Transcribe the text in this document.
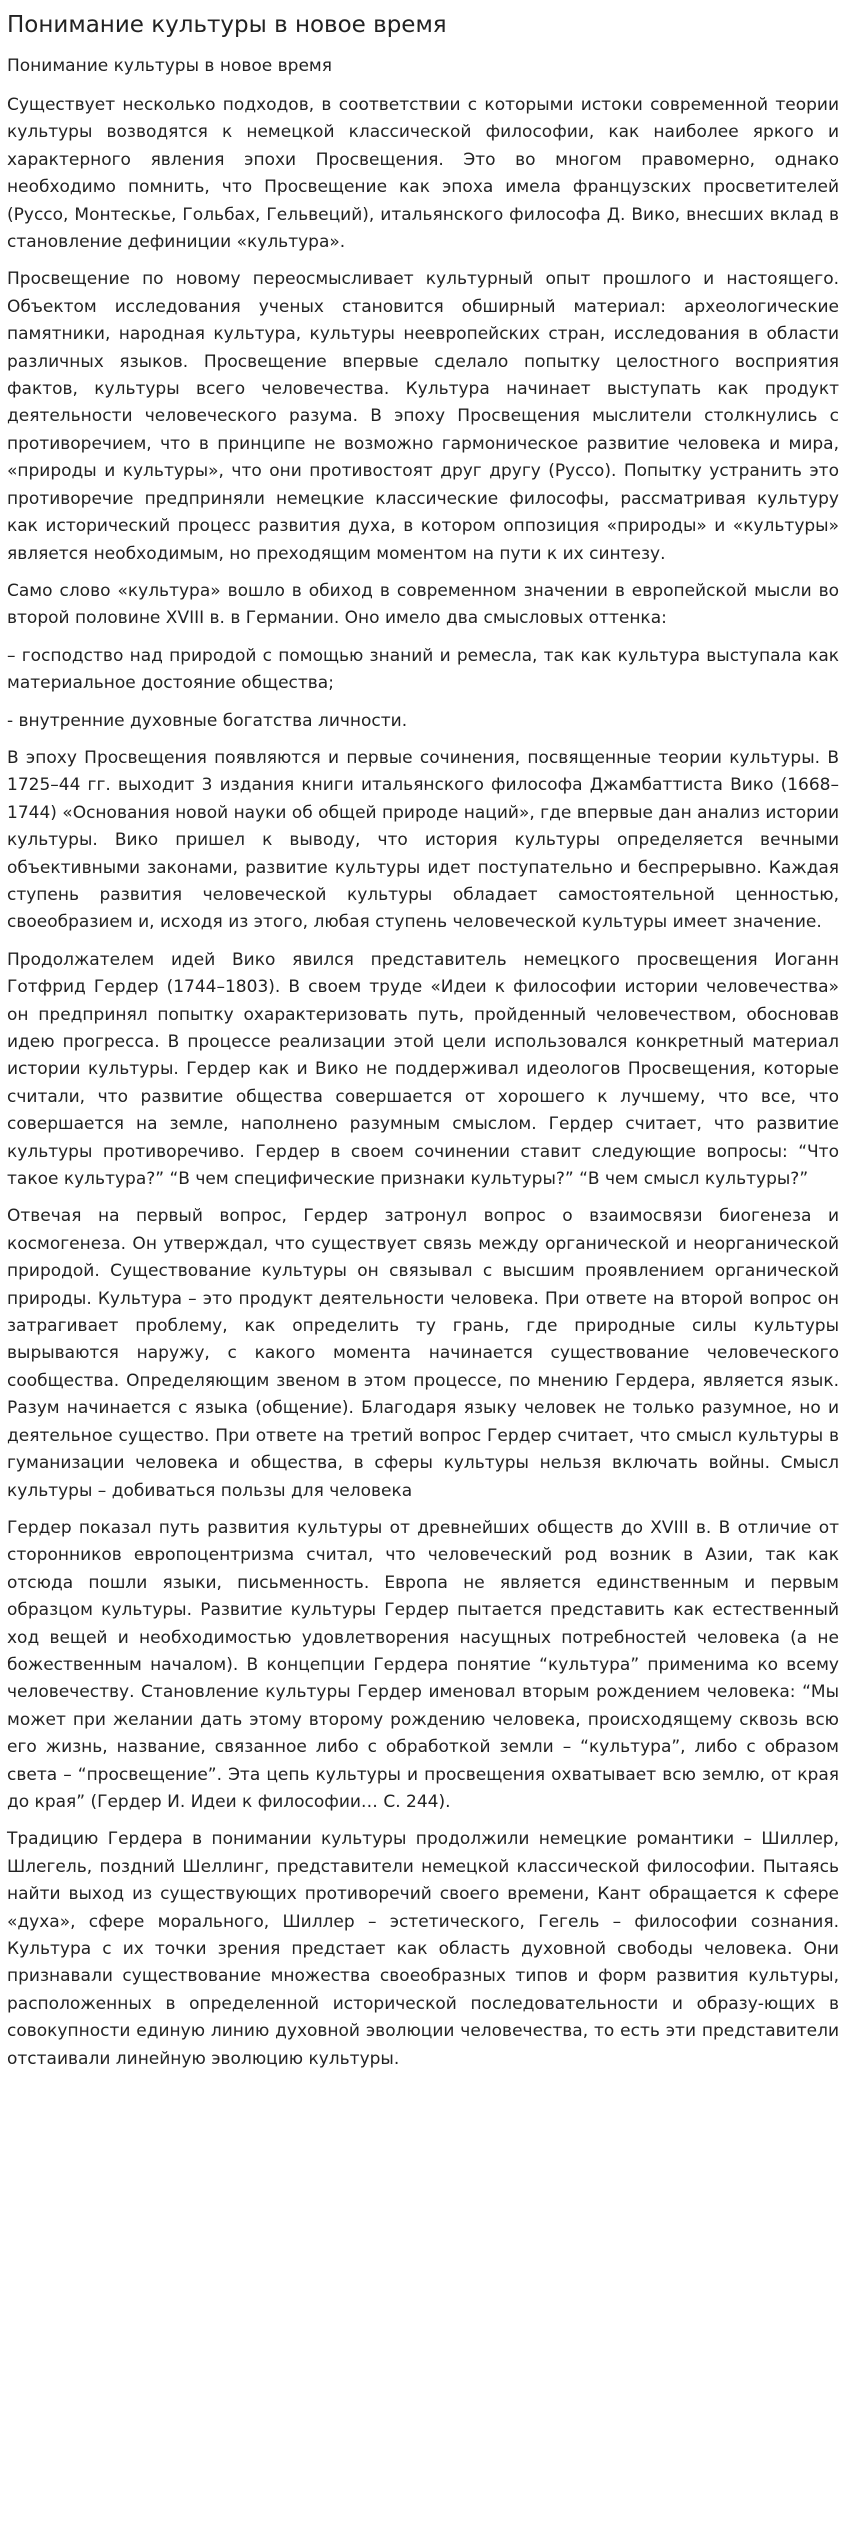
Понимание культуры в новое время
Понимание культуры в новое время

Существует несколько подходов, в соответствии с которыми истоки современной теории культуры возводятся к немецкой классической философии, как наиболее яркого и характерного явления эпохи Просвещения. Это во многом правомерно, однако необходимо помнить, что Просвещение как эпоха имела французских просветителей (Руссо, Монтескье, Гольбах, Гельвеций), итальянского философа Д. Вико, внесших вклад в становление дефиниции «культура».

Просвещение по новому переосмысливает культурный опыт прошлого и настоящего. Объектом исследования ученых становится обширный материал: археологические памятники, народная культура, культуры неевропейских стран, исследования в области различных языков. Просвещение впервые сделало попытку целостного восприятия фактов, культуры всего человечества. Культура начинает выступать как продукт деятельности человеческого разума. В эпоху Просвещения мыслители столкнулись с противоречием, что в принципе не возможно гармоническое развитие человека и мира, «природы и культуры», что они противостоят друг другу (Руссо). Попытку устранить это противоречие предприняли немецкие классические философы, рассматривая культуру как исторический процесс развития духа, в котором оппозиция «природы» и «культуры» является необходимым, но преходящим моментом на пути к их синтезу.

Само слово «культура» вошло в обиход в современном значении в европейской мысли во второй половине XVIII в. в Германии. Оно имело два смысловых оттенка:

– господство над природой с помощью знаний и ремесла, так как культура выступала как материальное достояние общества;

- внутренние духовные богатства личности.

В эпоху Просвещения появляются и первые сочинения, посвященные теории культуры. В 1725–44 гг. выходит 3 издания книги итальянского философа Джамбаттиста Вико (1668–1744) «Основания новой науки об общей природе наций», где впервые дан анализ истории культуры. Вико пришел к выводу, что история культуры определяется вечными объективными законами, развитие культуры идет поступательно и беспрерывно. Каждая ступень развития человеческой культуры обладает самостоятельной ценностью, своеобразием и, исходя из этого, любая ступень человеческой культуры имеет значение.

Продолжателем идей Вико явился представитель немецкого просвещения Иоганн Готфрид Гердер (1744–1803). В своем труде «Идеи к философии истории человечества» он предпринял попытку охарактеризовать путь, пройденный человечеством, обосновав идею прогресса. В процессе реализации этой цели использовался конкретный материал истории культуры. Гердер как и Вико не поддерживал идеологов Просвещения, которые считали, что развитие общества совершается от хорошего к лучшему, что все, что совершается на земле, наполнено разумным смыслом. Гердер считает, что развитие культуры противоречиво. Гердер в своем сочинении ставит следующие вопросы: “Что такое культура?” “В чем специфические признаки культуры?” “В чем смысл культуры?”

Отвечая на первый вопрос, Гердер затронул вопрос о взаимосвязи биогенеза и космогенеза. Он утверждал, что существует связь между органической и неорганической природой. Существование культуры он связывал с высшим проявлением органической природы. Культура – это продукт деятельности человека. При ответе на второй вопрос он затрагивает проблему, как определить ту грань, где природные силы культуры вырываются наружу, с какого момента начинается существование человеческого сообщества. Определяющим звеном в этом процессе, по мнению Гердера, является язык. Разум начинается с языка (общение). Благодаря языку человек не только разумное, но и деятельное существо. При ответе на третий вопрос Гердер считает, что смысл культуры в гуманизации человека и общества, в сферы культуры нельзя включать войны. Смысл культуры – добиваться пользы для человека

Гердер показал путь развития культуры от древнейших обществ до XVIII в. В отличие от сторонников европоцентризма считал, что человеческий род возник в Азии, так как отсюда пошли языки, письменность. Европа не является единственным и первым образцом культуры. Развитие культуры Гердер пытается представить как естественный ход вещей и необходимостью удовлетворения насущных потребностей человека (а не божественным началом). В концепции Гердера понятие “культура” применима ко всему человечеству. Становление культуры Гердер именовал вторым рождением человека: “Мы может при желании дать этому второму рождению человека, происходящему сквозь всю его жизнь, название, связанное либо с обработкой земли – “культура”, либо с образом света – “просвещение”. Эта цепь культуры и просвещения охватывает всю землю, от края до края” (Гердер И. Идеи к философии… С. 244).

Традицию Гердера в понимании культуры продолжили немецкие романтики – Шиллер, Шлегель, поздний Шеллинг, представители немецкой классической философии. Пытаясь найти выход из существующих противоречий своего времени, Кант обращается к сфере «духа», сфере морального, Шиллер – эстетического, Гегель – философии сознания. Культура с их точки зрения предстает как область духовной свободы человека. Они признавали существование множества своеобразных типов и форм развития культуры, расположенных в определенной исторической последовательности и образу-ющих в совокупности единую линию духовной эволюции человечества, то есть эти представители отстаивали линейную эволюцию культуры.
